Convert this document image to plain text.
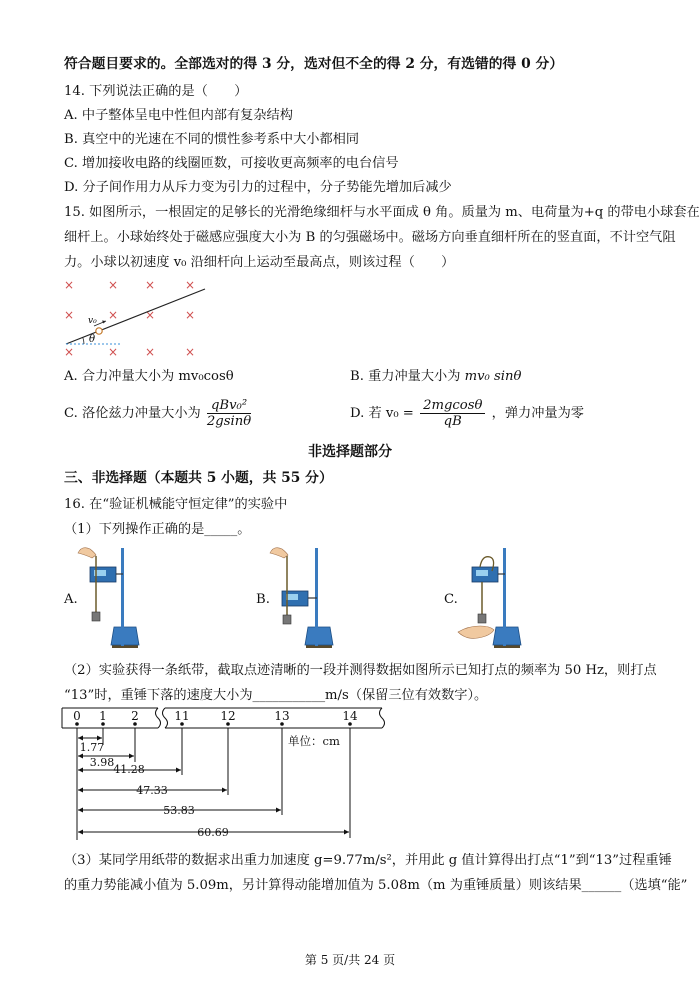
符合题目要求的。全部选对的得 3 分，选对但不全的得 2 分，有选错的得 0 分）
14. 下列说法正确的是（　　）
A. 中子整体呈电中性但内部有复杂结构
B. 真空中的光速在不同的惯性参考系中大小都相同
C. 增加接收电路的线圈匝数，可接收更高频率的电台信号
D. 分子间作用力从斥力变为引力的过程中，分子势能先增加后减少
15. 如图所示，一根固定的足够长的光滑绝缘细杆与水平面成 θ 角。质量为 m、电荷量为+q 的带电小球套在
细杆上。小球始终处于磁感应强度大小为 B 的匀强磁场中。磁场方向垂直细杆所在的竖直面，不计空气阻
力。小球以初速度 v₀ 沿细杆向上运动至最高点，则该过程（　　）
×	× × ×
×	× × ×
×	× × ×
θ
v₀
A. 合力冲量大小为 mv₀cosθ	B. 重力冲量大小为 mv₀ sinθ
C. 洛伦兹力冲量大小为 $\frac{\text{qBv₀²}}{2gsin\theta}$	D. 若 $v_0 = \frac{2mgcos\theta}{qB}$ ，弹力冲量为零
非选择题部分
三、非选择题（本题共 5 小题，共 55 分）
16. 在“验证机械能守恒定律”的实验中
（1）下列操作正确的是_____。
A.	B.	C.
（2）实验获得一条纸带，截取点迹清晰的一段并测得数据如图所示已知打点的频率为 50 Hz，则打点
“13”时，重锤下落的速度大小为___________m/s（保留三位有效数字）。
0 1 2	11	12	13	14
1.77
3.98
41.28
47.33
53.83
60.69
单位：cm
（3）某同学用纸带的数据求出重力加速度 g=9.77m/s²，并用此 g 值计算得出打点“1”到“13”过程重锤
的重力势能减小值为 5.09m，另计算得动能增加值为 5.08m（m 为重锤质量）则该结果______（选填“能”
第 5 页/共 24 页
